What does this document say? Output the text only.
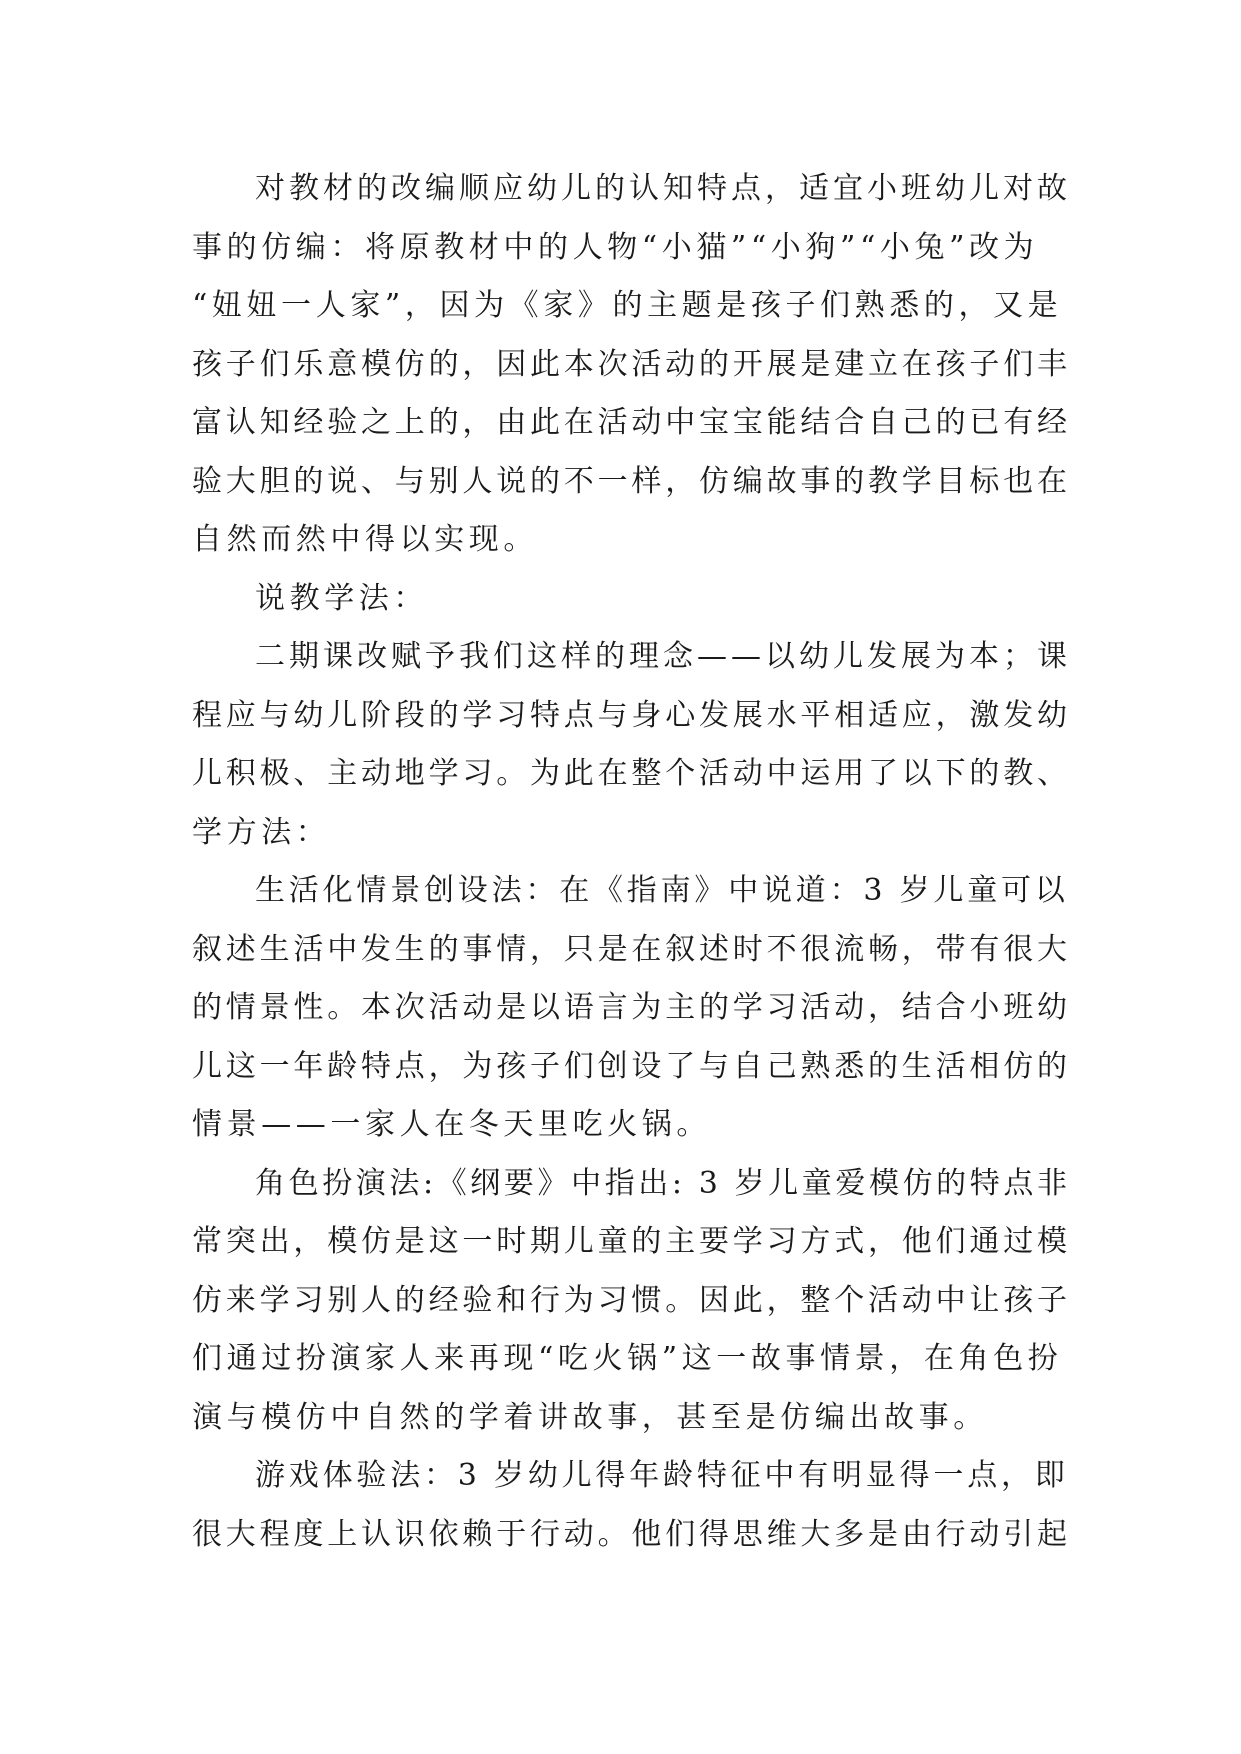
对教材的改编顺应幼儿的认知特点，适宜小班幼儿对故
事的仿编：将原教材中的人物“小猫”“小狗”“小兔”改为
“妞妞一人家”，因为《家》的主题是孩子们熟悉的，又是
孩子们乐意模仿的，因此本次活动的开展是建立在孩子们丰
富认知经验之上的，由此在活动中宝宝能结合自己的已有经
验大胆的说、与别人说的不一样，仿编故事的教学目标也在
自然而然中得以实现。
说教学法：
二期课改赋予我们这样的理念——以幼儿发展为本；课
程应与幼儿阶段的学习特点与身心发展水平相适应，激发幼
儿积极、主动地学习。为此在整个活动中运用了以下的教、
学方法：
生活化情景创设法：在《指南》中说道：3 岁儿童可以
叙述生活中发生的事情，只是在叙述时不很流畅，带有很大
的情景性。本次活动是以语言为主的学习活动，结合小班幼
儿这一年龄特点，为孩子们创设了与自己熟悉的生活相仿的
情景——一家人在冬天里吃火锅。
角色扮演法:《纲要》中指出: 3 岁儿童爱模仿的特点非
常突出，模仿是这一时期儿童的主要学习方式，他们通过模
仿来学习别人的经验和行为习惯。因此，整个活动中让孩子
们通过扮演家人来再现“吃火锅”这一故事情景，在角色扮
演与模仿中自然的学着讲故事，甚至是仿编出故事。
游戏体验法：3 岁幼儿得年龄特征中有明显得一点，即
很大程度上认识依赖于行动。他们得思维大多是由行动引起
